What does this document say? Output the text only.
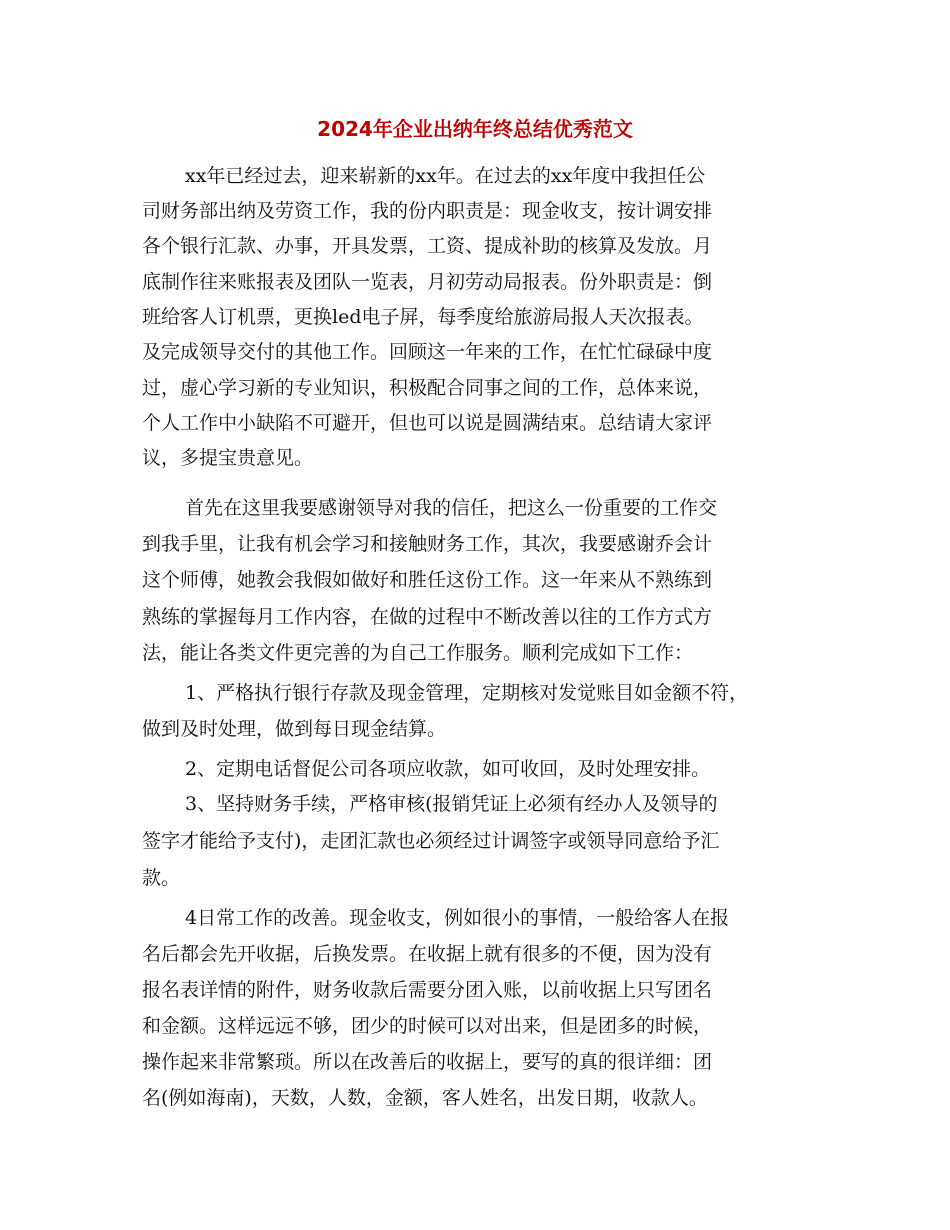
2024年企业出纳年终总结优秀范文
xx年已经过去，迎来崭新的xx年。在过去的xx年度中我担任公
司财务部出纳及劳资工作，我的份内职责是：现金收支，按计调安排
各个银行汇款、办事，开具发票，工资、提成补助的核算及发放。月
底制作往来账报表及团队一览表，月初劳动局报表。份外职责是：倒
班给客人订机票，更换led电子屏，每季度给旅游局报人天次报表。
及完成领导交付的其他工作。回顾这一年来的工作，在忙忙碌碌中度
过，虚心学习新的专业知识，积极配合同事之间的工作，总体来说，
个人工作中小缺陷不可避开，但也可以说是圆满结束。总结请大家评
议，多提宝贵意见。
首先在这里我要感谢领导对我的信任，把这么一份重要的工作交
到我手里，让我有机会学习和接触财务工作，其次，我要感谢乔会计
这个师傅，她教会我假如做好和胜任这份工作。这一年来从不熟练到
熟练的掌握每月工作内容，在做的过程中不断改善以往的工作方式方
法，能让各类文件更完善的为自己工作服务。顺利完成如下工作：
1、严格执行银行存款及现金管理，定期核对发觉账目如金额不符，
做到及时处理，做到每日现金结算。
2、定期电话督促公司各项应收款，如可收回，及时处理安排。
3、坚持财务手续，严格审核(报销凭证上必须有经办人及领导的
签字才能给予支付)，走团汇款也必须经过计调签字或领导同意给予汇
款。
4日常工作的改善。现金收支，例如很小的事情，一般给客人在报
名后都会先开收据，后换发票。在收据上就有很多的不便，因为没有
报名表详情的附件，财务收款后需要分团入账，以前收据上只写团名
和金额。这样远远不够，团少的时候可以对出来，但是团多的时候，
操作起来非常繁琐。所以在改善后的收据上，要写的真的很详细：团
名(例如海南)，天数，人数，金额，客人姓名，出发日期，收款人。
